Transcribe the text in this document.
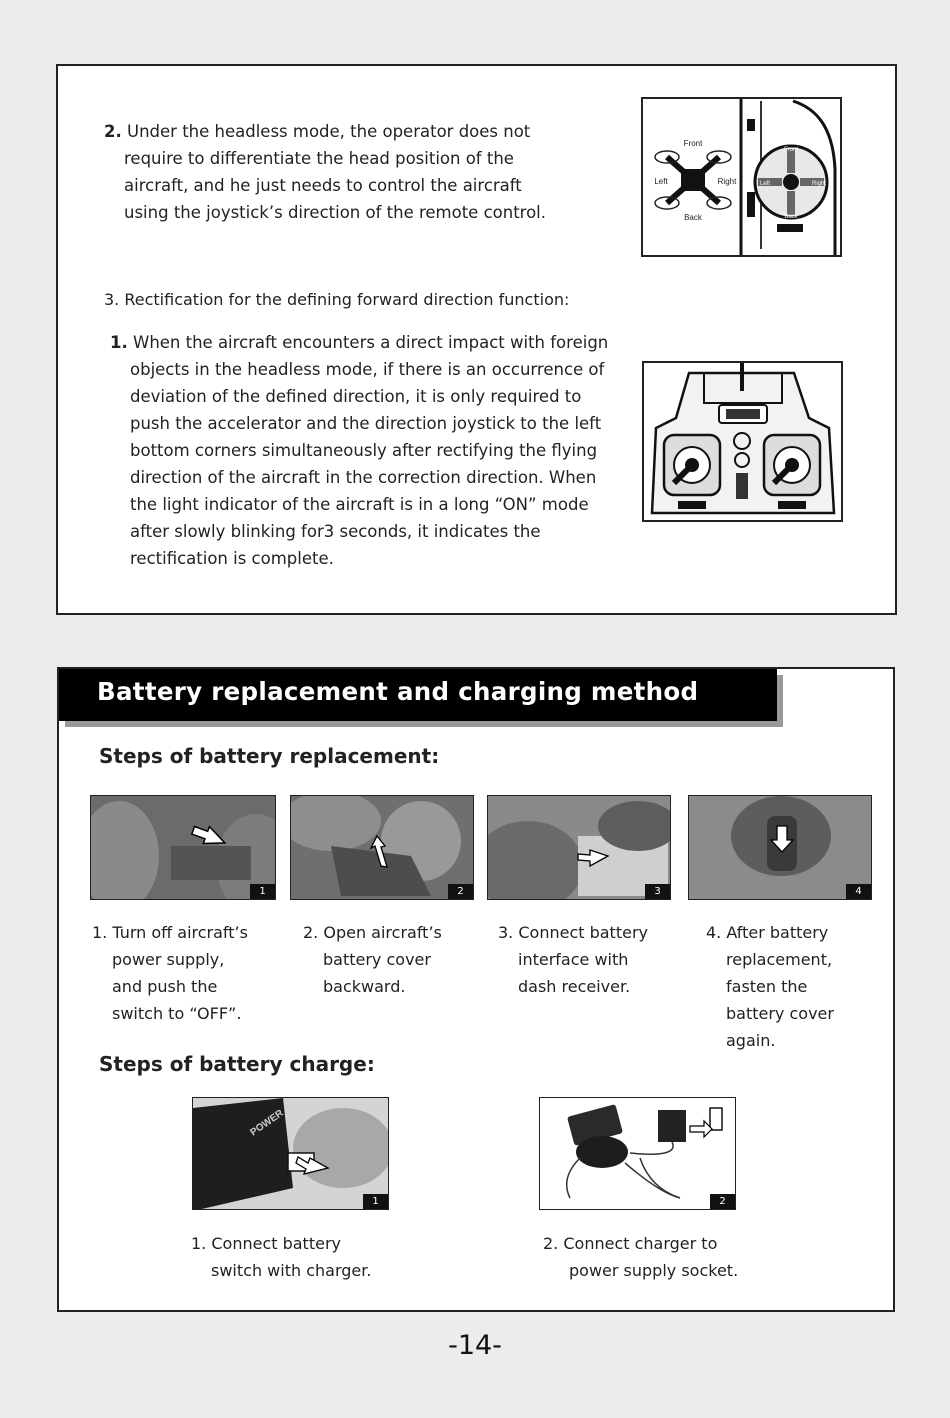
2. Under the headless mode, the operator does not
require to differentiate the head position of the
aircraft, and he just needs to control the aircraft
using the joystick’s direction of the remote control.
Front
Back
Left	Right
Front
Back
Left	Right
3. Rectification for the defining forward direction function:
1. When the aircraft encounters a direct impact with foreign
objects in the headless mode, if there is an occurrence of
deviation of the defined direction, it is only required to
push the accelerator and the direction joystick to the left
bottom corners simultaneously after rectifying the flying
direction of the aircraft in the correction direction. When
the light indicator of the aircraft is in a long “ON” mode
after slowly blinking for3 seconds, it indicates the
rectification is complete.
Battery replacement and charging method
Steps of battery replacement:
1	2	3	4
1. Turn off aircraft’s
power supply,
and push the
switch to “OFF”.
2. Open aircraft’s
battery cover
backward.
3. Connect battery
interface with
dash receiver.
4. After battery
replacement,
fasten the
battery cover
again.
Steps of battery charge:
POWER
1	2
1. Connect battery
switch with charger.
2. Connect charger to
power supply socket.
-14-
